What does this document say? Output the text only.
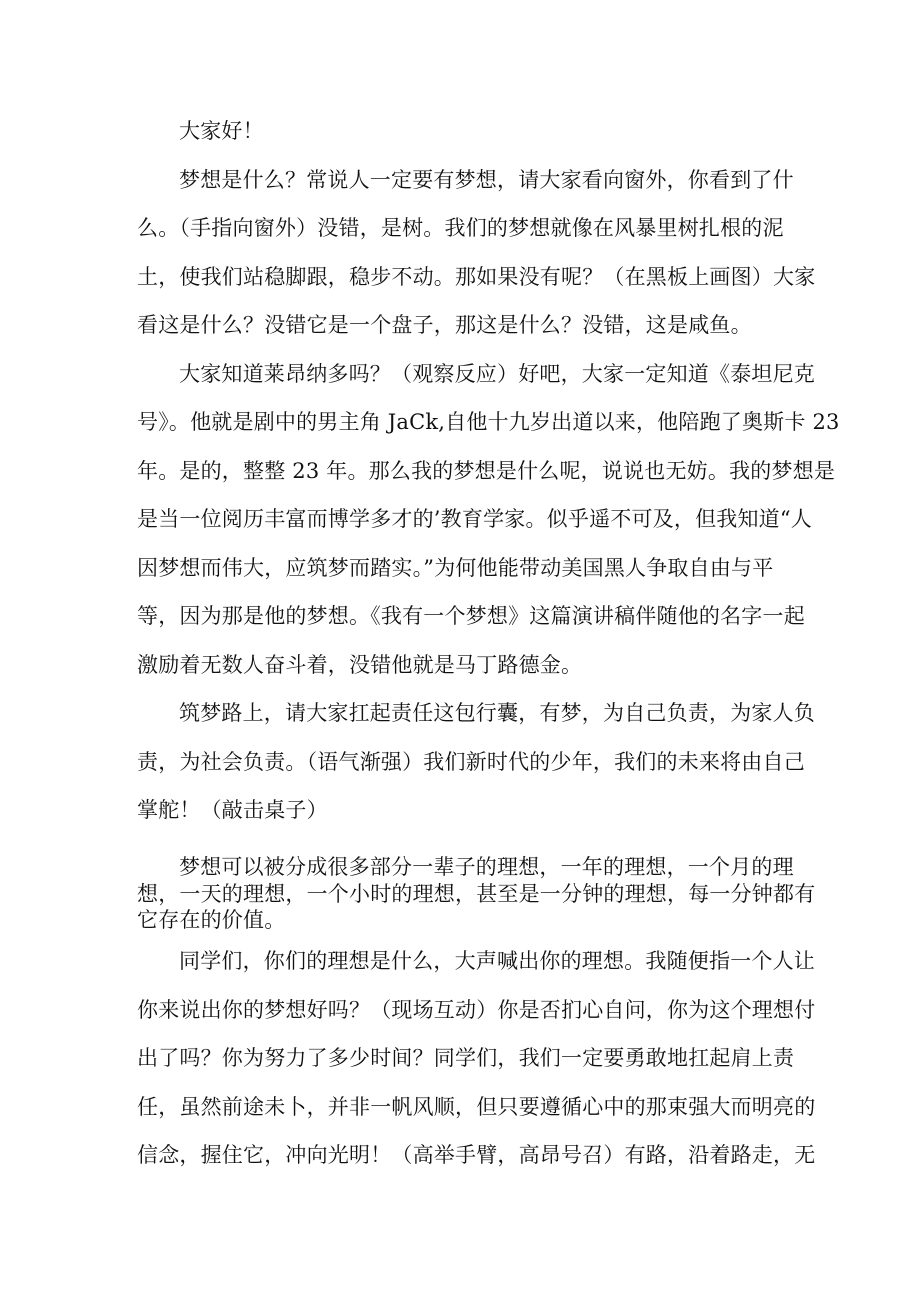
大家好！
梦想是什么？常说人一定要有梦想，请大家看向窗外，你看到了什
么。（手指向窗外）没错，是树。我们的梦想就像在风暴里树扎根的泥
土，使我们站稳脚跟，稳步不动。那如果没有呢？（在黑板上画图）大家
看这是什么？没错它是一个盘子，那这是什么？没错，这是咸鱼。
大家知道莱昂纳多吗？（观察反应）好吧，大家一定知道《泰坦尼克
号》。他就是剧中的男主角 JaCk,自他十九岁出道以来，他陪跑了奥斯卡 23
年。是的，整整 23 年。那么我的梦想是什么呢，说说也无妨。我的梦想是
是当一位阅历丰富而博学多才的’教育学家。似乎遥不可及，但我知道“人
因梦想而伟大，应筑梦而踏实。”为何他能带动美国黑人争取自由与平
等，因为那是他的梦想。《我有一个梦想》这篇演讲稿伴随他的名字一起
激励着无数人奋斗着，没错他就是马丁路德金。
筑梦路上，请大家扛起责任这包行囊，有梦，为自己负责，为家人负
责，为社会负责。（语气渐强）我们新时代的少年，我们的未来将由自己
掌舵！（敲击桌子）
梦想可以被分成很多部分一辈子的理想，一年的理想，一个月的理
想，一天的理想，一个小时的理想，甚至是一分钟的理想，每一分钟都有
它存在的价值。
同学们，你们的理想是什么，大声喊出你的理想。我随便指一个人让
你来说出你的梦想好吗？（现场互动）你是否扪心自问，你为这个理想付
出了吗？你为努力了多少时间？同学们，我们一定要勇敢地扛起肩上责
任，虽然前途未卜，并非一帆风顺，但只要遵循心中的那束强大而明亮的
信念，握住它，冲向光明！（高举手臂，高昂号召）有路，沿着路走，无
